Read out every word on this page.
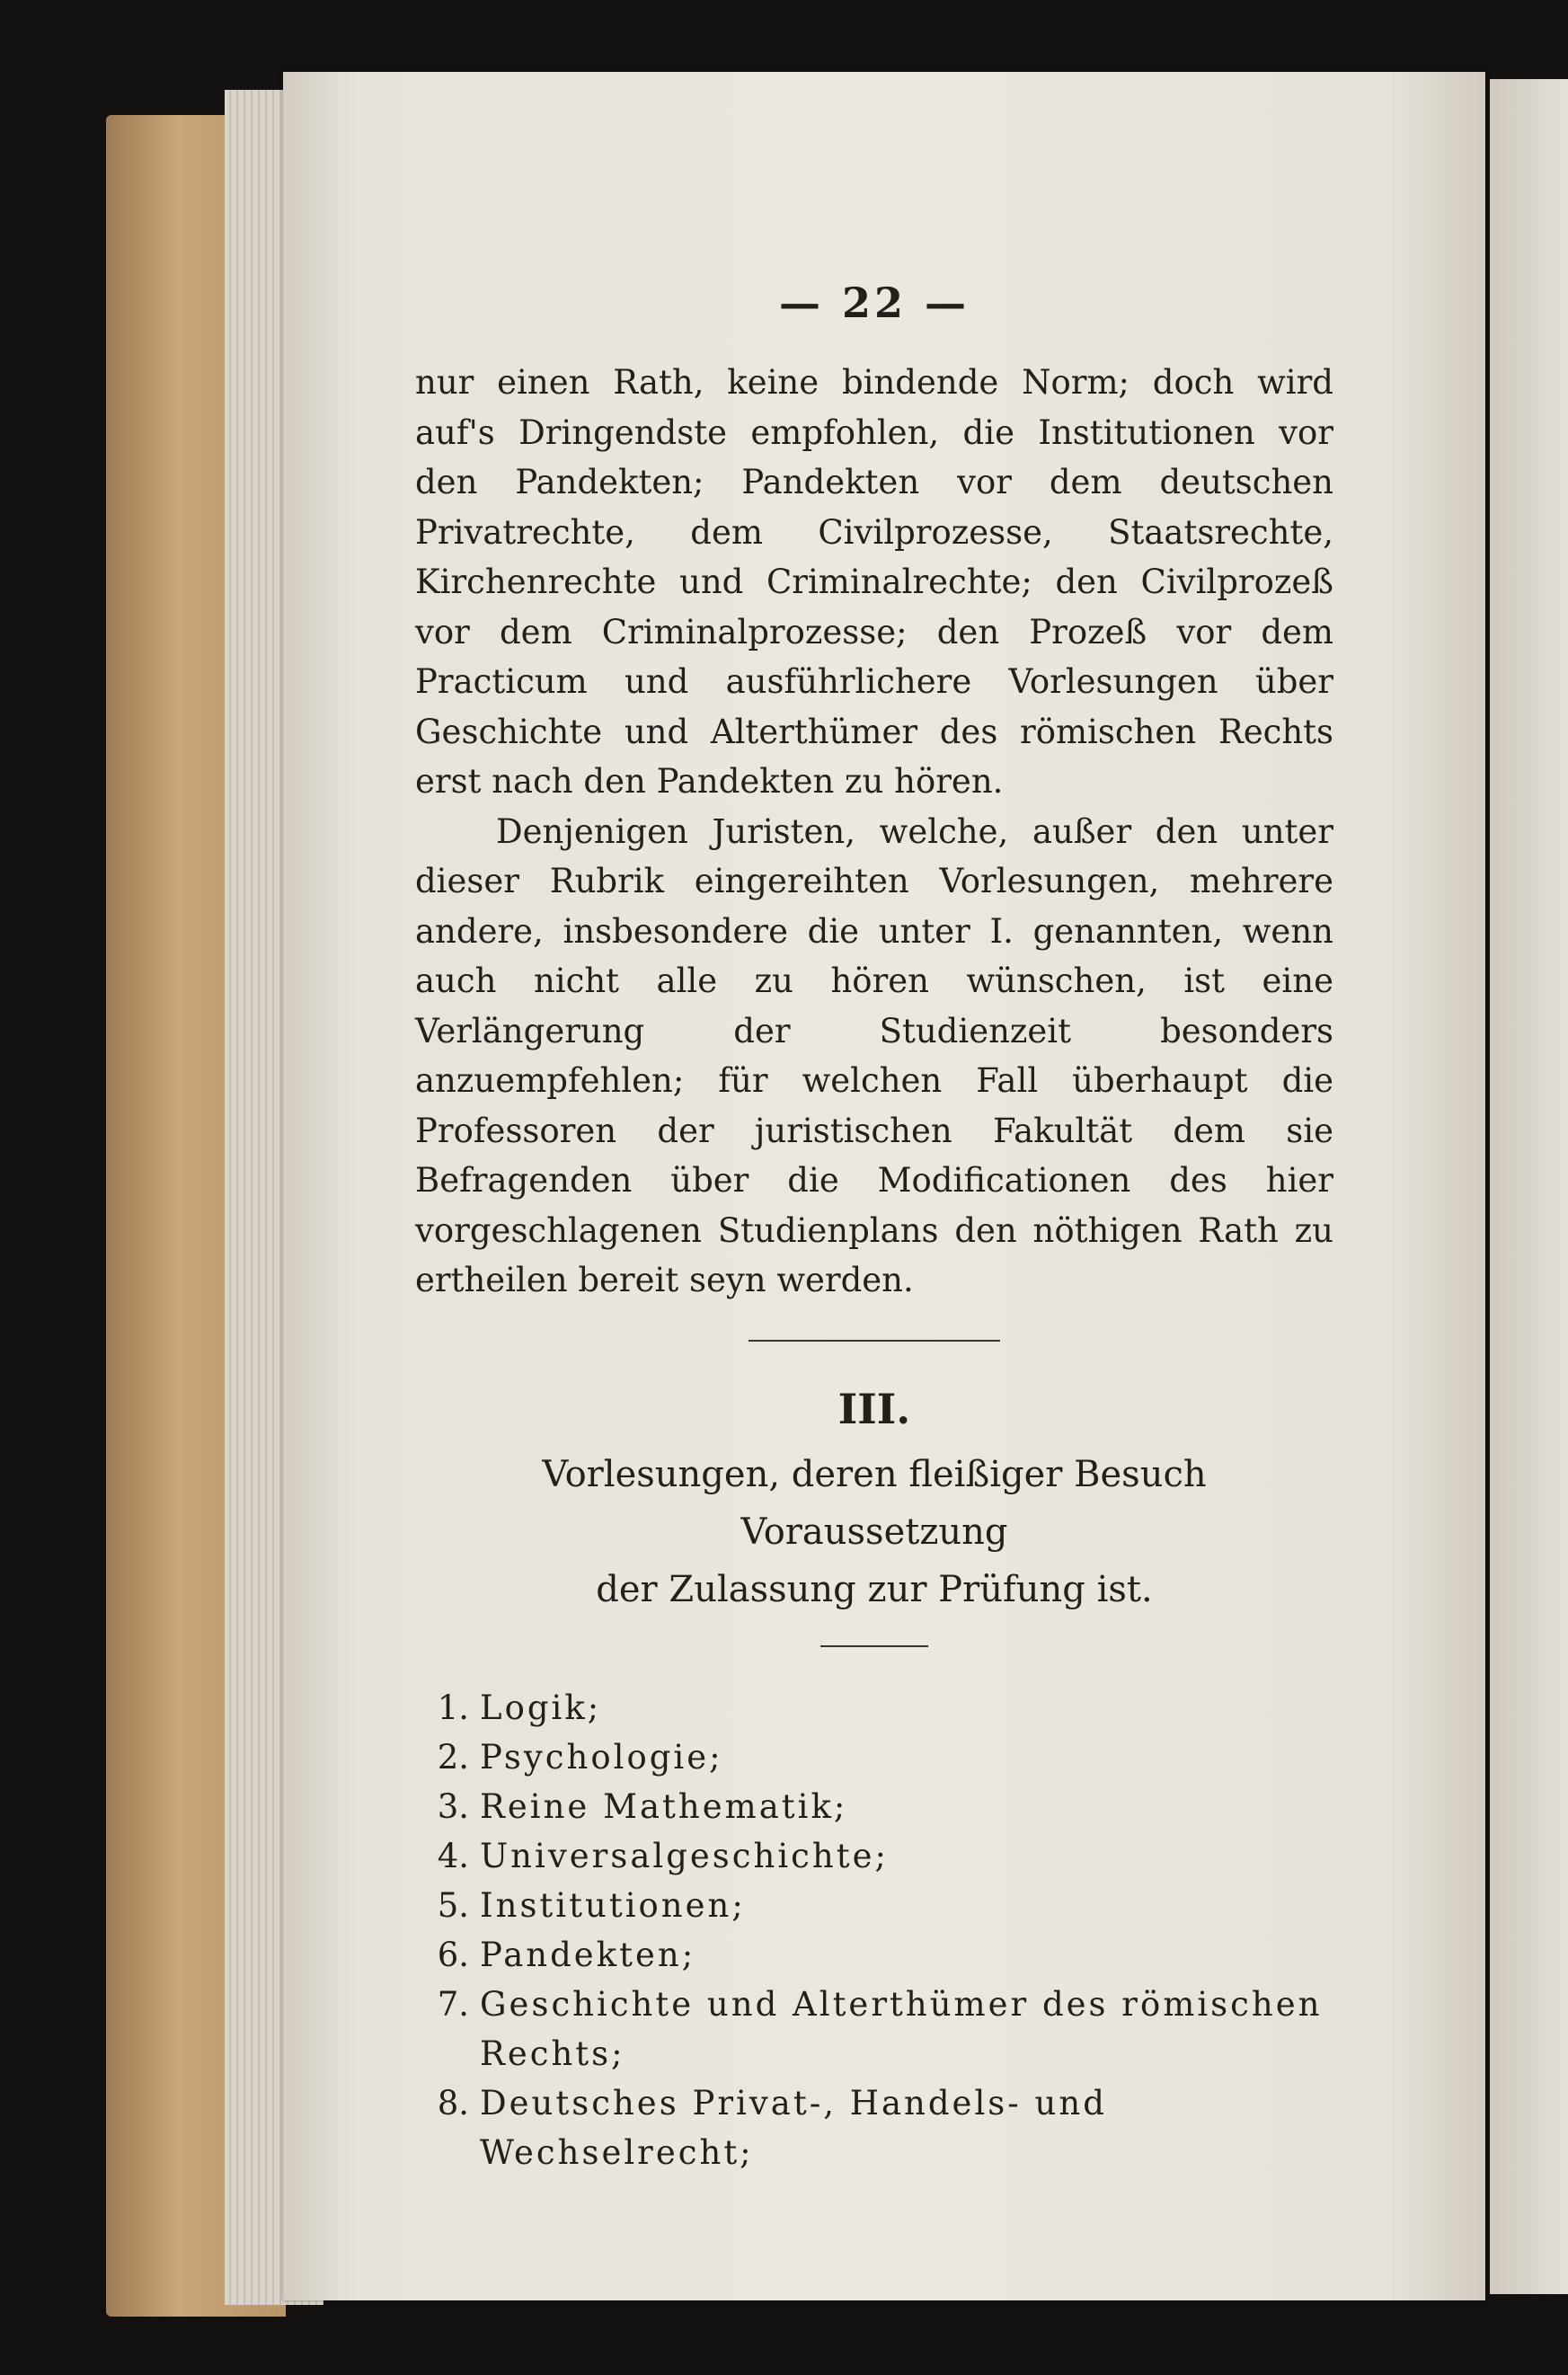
— 22 —

nur einen Rath, keine bindende Norm; doch wird auf's Dringendste empfohlen, die Institutionen vor den Pandekten; Pandekten vor dem deutschen Privatrechte, dem Civilprozesse, Staatsrechte, Kirchenrechte und Criminalrechte; den Civilprozeß vor dem Criminalprozesse; den Prozeß vor dem Practicum und ausführlichere Vorlesungen über Geschichte und Alterthümer des römischen Rechts erst nach den Pandekten zu hören.

Denjenigen Juristen, welche, außer den unter dieser Rubrik eingereihten Vorlesungen, mehrere andere, insbesondere die unter I. genannten, wenn auch nicht alle zu hören wünschen, ist eine Verlängerung der Studienzeit besonders anzuempfehlen; für welchen Fall überhaupt die Professoren der juristischen Fakultät dem sie Befragenden über die Modificationen des hier vorgeschlagenen Studienplans den nöthigen Rath zu ertheilen bereit seyn werden.

III.

Vorlesungen, deren fleißiger Besuch Voraussetzung

der Zulassung zur Prüfung ist.

1. Logik;
2. Psychologie;
3. Reine Mathematik;
4. Universalgeschichte;
5. Institutionen;
6. Pandekten;
7. Geschichte und Alterthümer des römischen Rechts;
8. Deutsches Privat-, Handels- und Wechselrecht;
